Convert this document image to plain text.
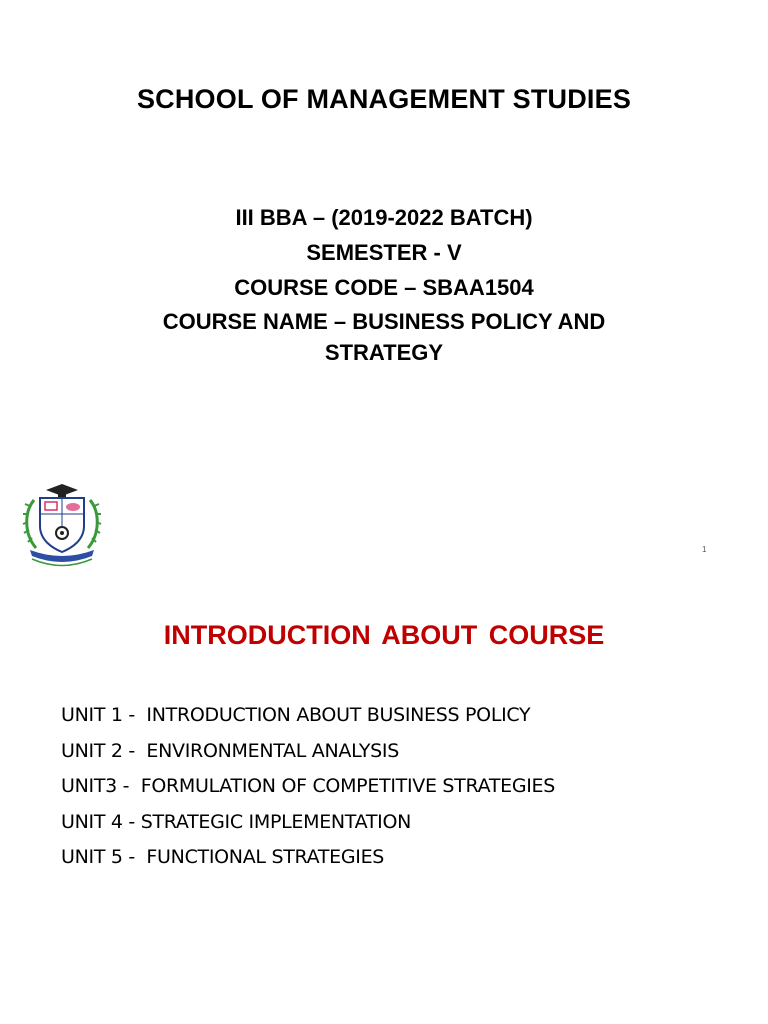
SCHOOL OF MANAGEMENT STUDIES
III BBA – (2019-2022 BATCH)
SEMESTER - V
COURSE CODE – SBAA1504
COURSE NAME – BUSINESS POLICY AND
STRATEGY
1
INTRODUCTION ABOUT COURSE
UNIT 1 -  INTRODUCTION ABOUT BUSINESS POLICY
UNIT 2 -  ENVIRONMENTAL ANALYSIS
UNIT3 -  FORMULATION OF COMPETITIVE STRATEGIES
UNIT 4 - STRATEGIC IMPLEMENTATION
UNIT 5 -  FUNCTIONAL STRATEGIES
